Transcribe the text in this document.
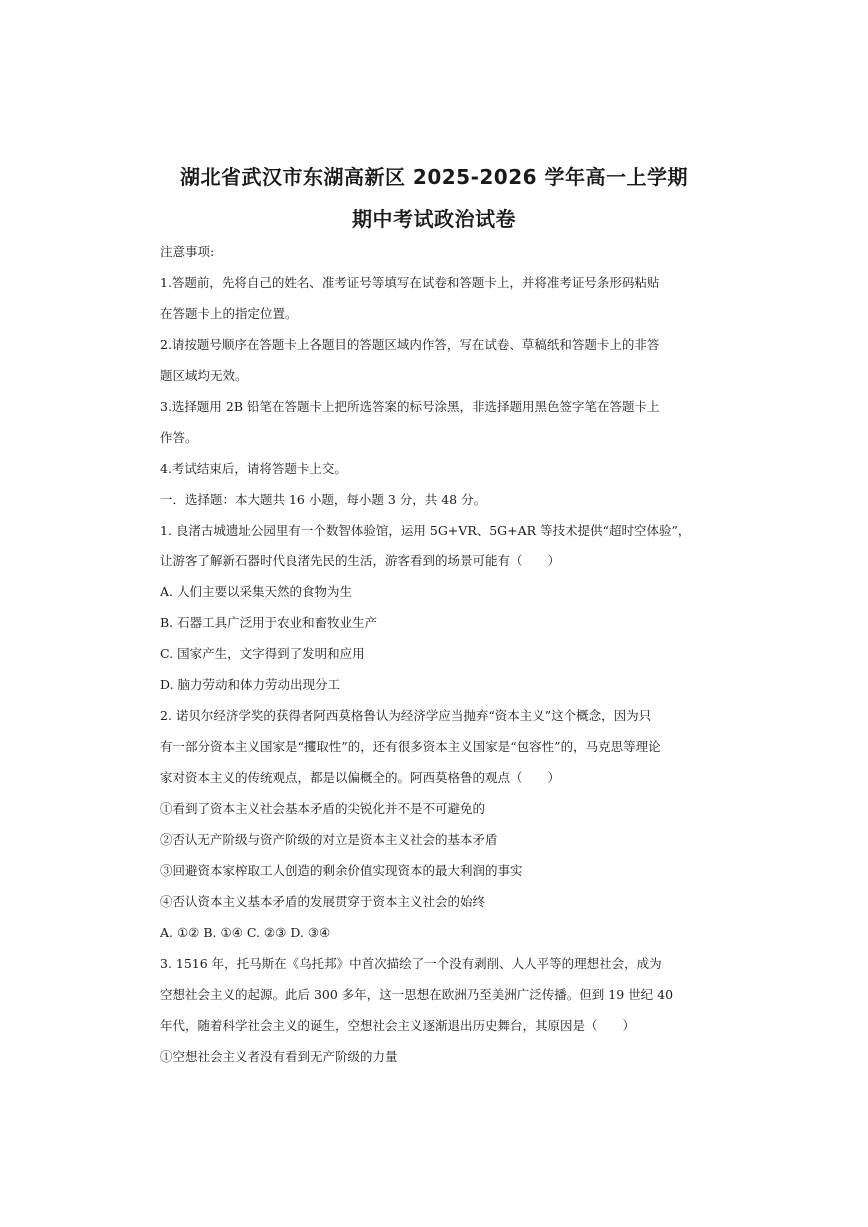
湖北省武汉市东湖高新区 2025-2026 学年高一上学期
期中考试政治试卷
注意事项:
1.答题前，先将自己的姓名、准考证号等填写在试卷和答题卡上，并将准考证号条形码粘贴
在答题卡上的指定位置。
2.请按题号顺序在答题卡上各题目的答题区域内作答，写在试卷、草稿纸和答题卡上的非答
题区域均无效。
3.选择题用 2B 铅笔在答题卡上把所选答案的标号涂黑，非选择题用黑色签字笔在答题卡上
作答。
4.考试结束后，请将答题卡上交。
一．选择题：本大题共 16 小题，每小题 3 分，共 48 分。
1. 良渚古城遗址公园里有一个数智体验馆，运用 5G+VR、5G+AR 等技术提供“超时空体验”，
让游客了解新石器时代良渚先民的生活，游客看到的场景可能有（　　）
A. 人们主要以采集天然的食物为生
B. 石器工具广泛用于农业和畜牧业生产
C. 国家产生，文字得到了发明和应用
D. 脑力劳动和体力劳动出现分工
2. 诺贝尔经济学奖的获得者阿西莫格鲁认为经济学应当抛弃“资本主义”这个概念，因为只
有一部分资本主义国家是“攫取性”的，还有很多资本主义国家是“包容性”的，马克思等理论
家对资本主义的传统观点，都是以偏概全的。阿西莫格鲁的观点（　　）
①看到了资本主义社会基本矛盾的尖锐化并不是不可避免的
②否认无产阶级与资产阶级的对立是资本主义社会的基本矛盾
③回避资本家榨取工人创造的剩余价值实现资本的最大利润的事实
④否认资本主义基本矛盾的发展贯穿于资本主义社会的始终
A. ①② B. ①④ C. ②③ D. ③④
3. 1516 年，托马斯在《乌托邦》中首次描绘了一个没有剥削、人人平等的理想社会，成为
空想社会主义的起源。此后 300 多年，这一思想在欧洲乃至美洲广泛传播。但到 19 世纪 40
年代，随着科学社会主义的诞生，空想社会主义逐渐退出历史舞台，其原因是（　　）
①空想社会主义者没有看到无产阶级的力量
